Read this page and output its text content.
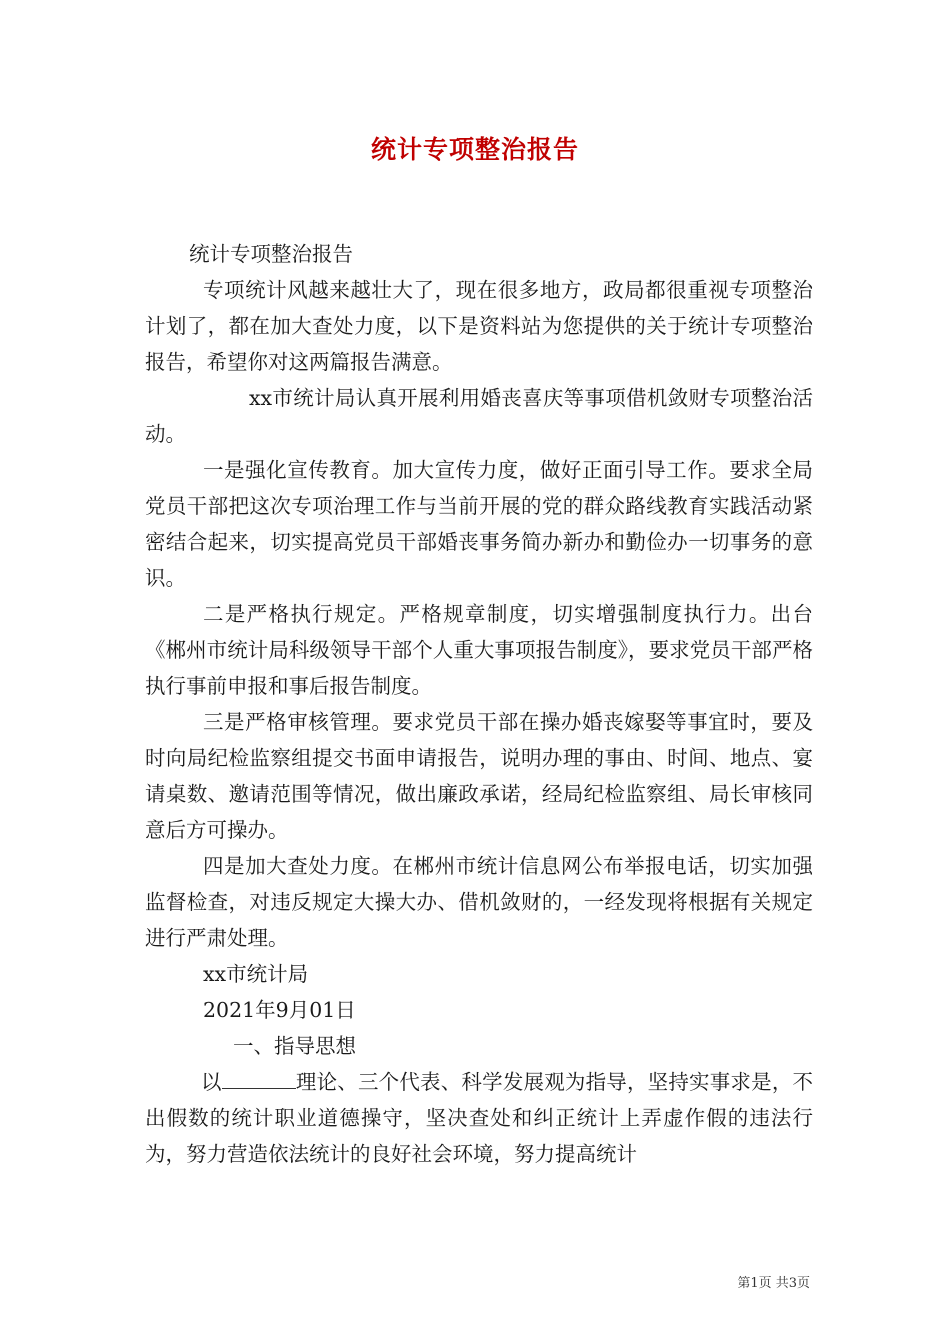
统计专项整治报告

统计专项整治报告

专项统计风越来越壮大了，现在很多地方，政局都很重视专项整治计划了，都在加大查处力度，以下是资料站为您提供的关于统计专项整治报告，希望你对这两篇报告满意。

xx市统计局认真开展利用婚丧喜庆等事项借机敛财专项整治活动。

一是强化宣传教育。加大宣传力度，做好正面引导工作。要求全局党员干部把这次专项治理工作与当前开展的党的群众路线教育实践活动紧密结合起来，切实提高党员干部婚丧事务简办新办和勤俭办一切事务的意识。

二是严格执行规定。严格规章制度，切实增强制度执行力。出台《郴州市统计局科级领导干部个人重大事项报告制度》，要求党员干部严格执行事前申报和事后报告制度。

三是严格审核管理。要求党员干部在操办婚丧嫁娶等事宜时，要及时向局纪检监察组提交书面申请报告，说明办理的事由、时间、地点、宴请桌数、邀请范围等情况，做出廉政承诺，经局纪检监察组、局长审核同意后方可操办。

四是加大查处力度。在郴州市统计信息网公布举报电话，切实加强监督检查，对违反规定大操大办、借机敛财的，一经发现将根据有关规定进行严肃处理。

xx市统计局

2021年9月01日

一、指导思想

以	理论、三个代表、科学发展观为指导，坚持实事求是，不出假数的统计职业道德操守，坚决查处和纠正统计上弄虚作假的违法行为，努力营造依法统计的良好社会环境，努力提高统计

第1页 共3页
